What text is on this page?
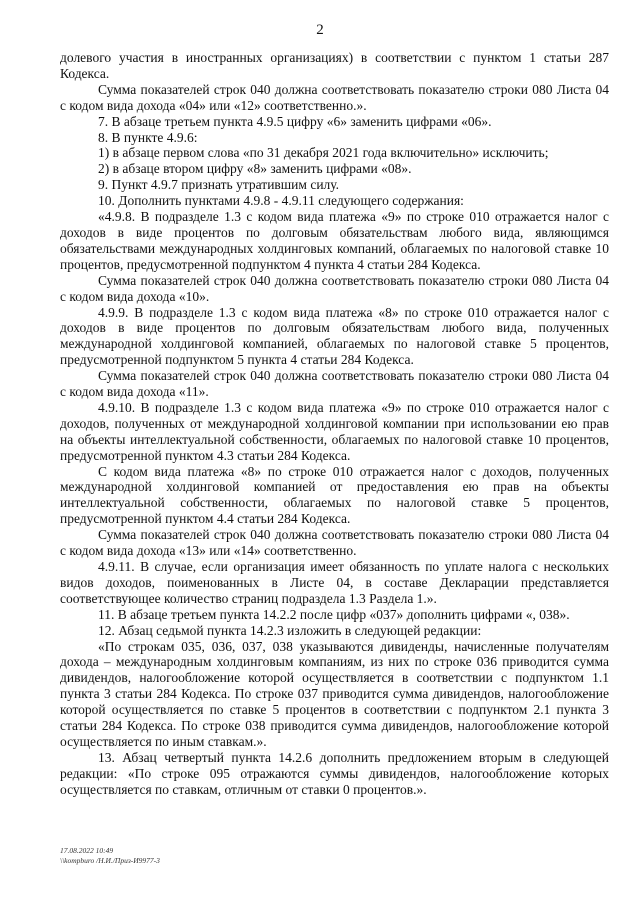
2

долевого участия в иностранных организациях) в соответствии с пунктом 1 статьи 287 Кодекса.

Сумма показателей строк 040 должна соответствовать показателю строки 080 Листа 04 с кодом вида дохода «04» или «12» соответственно.».

7. В абзаце третьем пункта 4.9.5 цифру «6» заменить цифрами «06».

8. В пункте 4.9.6:

1) в абзаце первом слова «по 31 декабря 2021 года включительно» исключить;

2) в абзаце втором цифру «8» заменить цифрами «08».

9. Пункт 4.9.7 признать утратившим силу.

10. Дополнить пунктами 4.9.8 - 4.9.11 следующего содержания:

«4.9.8. В подразделе 1.3 с кодом вида платежа «9» по строке 010 отражается налог с доходов в виде процентов по долговым обязательствам любого вида, являющимся обязательствами международных холдинговых компаний, облагаемых по налоговой ставке 10 процентов, предусмотренной подпунктом 4 пункта 4 статьи 284 Кодекса.

Сумма показателей строк 040 должна соответствовать показателю строки 080 Листа 04 с кодом вида дохода «10».

4.9.9. В подразделе 1.3 с кодом вида платежа «8» по строке 010 отражается налог с доходов в виде процентов по долговым обязательствам любого вида, полученных международной холдинговой компанией, облагаемых по налоговой ставке 5 процентов, предусмотренной подпунктом 5 пункта 4 статьи 284 Кодекса.

Сумма показателей строк 040 должна соответствовать показателю строки 080 Листа 04 с кодом вида дохода «11».

4.9.10. В подразделе 1.3 с кодом вида платежа «9» по строке 010 отражается налог с доходов, полученных от международной холдинговой компании при использовании ею прав на объекты интеллектуальной собственности, облагаемых по налоговой ставке 10 процентов, предусмотренной пунктом 4.3 статьи 284 Кодекса.

С кодом вида платежа «8» по строке 010 отражается налог с доходов, полученных международной холдинговой компанией от предоставления ею прав на объекты интеллектуальной собственности, облагаемых по налоговой ставке 5 процентов, предусмотренной пунктом 4.4 статьи 284 Кодекса.

Сумма показателей строк 040 должна соответствовать показателю строки 080 Листа 04 с кодом вида дохода «13» или «14» соответственно.

4.9.11. В случае, если организация имеет обязанность по уплате налога с нескольких видов доходов, поименованных в Листе 04, в составе Декларации представляется соответствующее количество страниц подраздела 1.3 Раздела 1.».

11. В абзаце третьем пункта 14.2.2 после цифр «037» дополнить цифрами «, 038».

12. Абзац седьмой пункта 14.2.3 изложить в следующей редакции:

«По строкам 035, 036, 037, 038 указываются дивиденды, начисленные получателям дохода – международным холдинговым компаниям, из них по строке 036 приводится сумма дивидендов, налогообложение которой осуществляется в соответствии с подпунктом 1.1 пункта 3 статьи 284 Кодекса. По строке 037 приводится сумма дивидендов, налогообложение которой осуществляется по ставке 5 процентов в соответствии с подпунктом 2.1 пункта 3 статьи 284 Кодекса. По строке 038 приводится сумма дивидендов, налогообложение которой осуществляется по иным ставкам.».

13. Абзац четвертый пункта 14.2.6 дополнить предложением вторым в следующей редакции: «По строке 095 отражаются суммы дивидендов, налогообложение которых осуществляется по ставкам, отличным от ставки 0 процентов.».

17.08.2022 10:49
\\kompburo /Н.И./Приз-И9977-3
